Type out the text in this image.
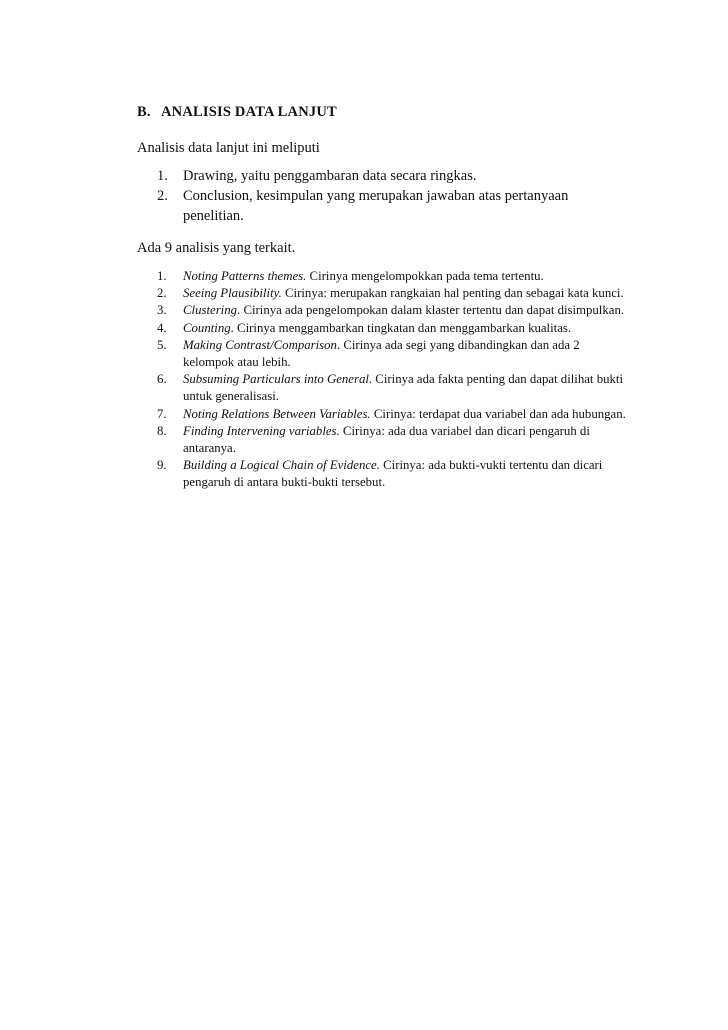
B. ANALISIS DATA LANJUT
Analisis data lanjut ini meliputi
1. Drawing, yaitu penggambaran data secara ringkas.
2. Conclusion, kesimpulan yang merupakan jawaban atas pertanyaan penelitian.
Ada 9 analisis yang terkait.
1. Noting Patterns themes. Cirinya mengelompokkan pada tema tertentu.
2. Seeing Plausibility. Cirinya: merupakan rangkaian hal penting dan sebagai kata kunci.
3. Clustering. Cirinya ada pengelompokan dalam klaster tertentu dan dapat disimpulkan.
4. Counting. Cirinya menggambarkan tingkatan dan menggambarkan kualitas.
5. Making Contrast/Comparison. Cirinya ada segi yang dibandingkan dan ada 2 kelompok atau lebih.
6. Subsuming Particulars into General. Cirinya ada fakta penting dan dapat dilihat bukti untuk generalisasi.
7. Noting Relations Between Variables. Cirinya: terdapat dua variabel dan ada hubungan.
8. Finding Intervening variables. Cirinya: ada dua variabel dan dicari pengaruh di antaranya.
9. Building a Logical Chain of Evidence. Cirinya: ada bukti-vukti tertentu dan dicari pengaruh di antara bukti-bukti tersebut.
